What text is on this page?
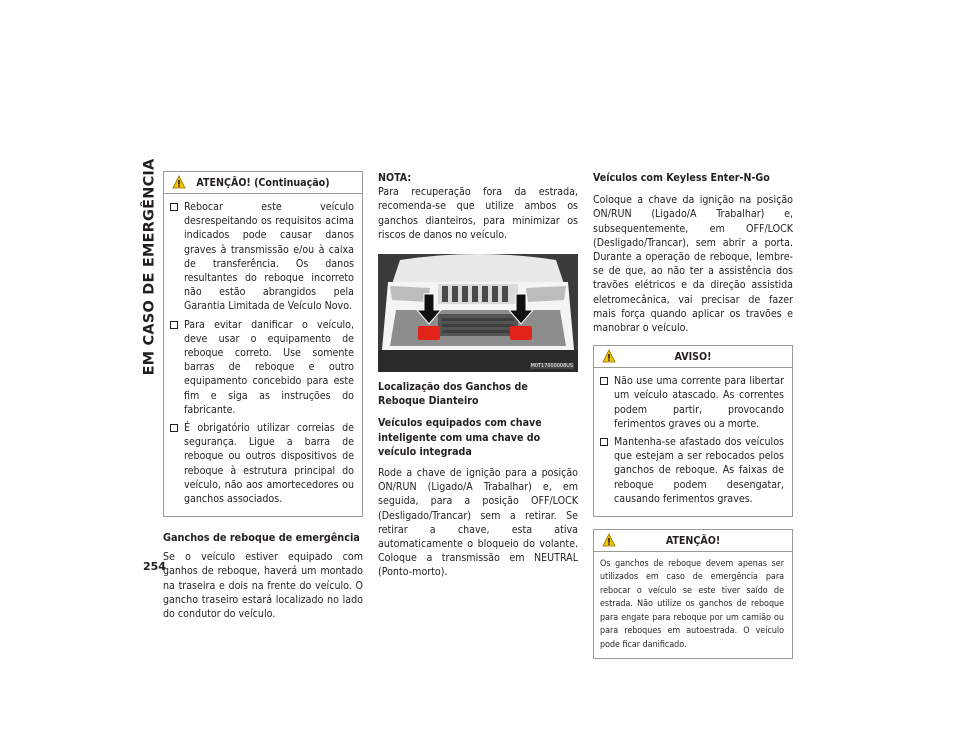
EM CASO DE EMERGÊNCIA
254
ATENÇÃO! (Continuação)
Rebocar este veículo desrespeitando os requisitos acima indicados pode causar danos graves à transmissão e/ou à caixa de transferência. Os danos resultantes do reboque incorreto não estão abrangidos pela Garantia Limitada de Veículo Novo.
Para evitar danificar o veículo, deve usar o equipamento de reboque correto. Use somente barras de reboque e outro equipamento concebido para este fim e siga as instruções do fabricante.
É obrigatório utilizar correias de segurança. Ligue a barra de reboque ou outros dispositivos de reboque à estrutura principal do veículo, não aos amortecedores ou ganchos associados.
Ganchos de reboque de emergência

Se o veículo estiver equipado com ganhos de reboque, haverá um montado na traseira e dois na frente do veículo. O gancho traseiro estará localizado no lado do condutor do veículo.

NOTA:

Para recuperação fora da estrada, recomenda-se que utilize ambos os ganchos dianteiros, para minimizar os riscos de danos no veículo.

M0T17000008US
Localização dos Ganchos de Reboque Dianteiro
Veículos equipados com chave inteligente com uma chave do veículo integrada

Rode a chave de ignição para a posição ON/RUN (Ligado/A Trabalhar) e, em seguida, para a posição OFF/LOCK (Desligado/Trancar) sem a retirar. Se retirar a chave, esta ativa automaticamente o bloqueio do volante. Coloque a transmissão em NEUTRAL (Ponto-morto).

Veículos com Keyless Enter-N-Go

Coloque a chave da ignição na posição ON/RUN (Ligado/A Trabalhar) e, subsequentemente, em OFF/LOCK (Desligado/Trancar), sem abrir a porta. Durante a operação de reboque, lembre-se de que, ao não ter a assistência dos travões elétricos e da direção assistida eletromecânica, vai precisar de fazer mais força quando aplicar os travões e manobrar o veículo.

AVISO!
Não use uma corrente para libertar um veículo atascado. As correntes podem partir, provocando ferimentos graves ou a morte.
Mantenha-se afastado dos veículos que estejam a ser rebocados pelos ganchos de reboque. As faixas de reboque podem desengatar, causando ferimentos graves.
ATENÇÃO!

Os ganchos de reboque devem apenas ser utilizados em caso de emergência para rebocar o veículo se este tiver saído de estrada. Não utilize os ganchos de reboque para engate para reboque por um camião ou para reboques em autoestrada. O veículo pode ficar danificado.
